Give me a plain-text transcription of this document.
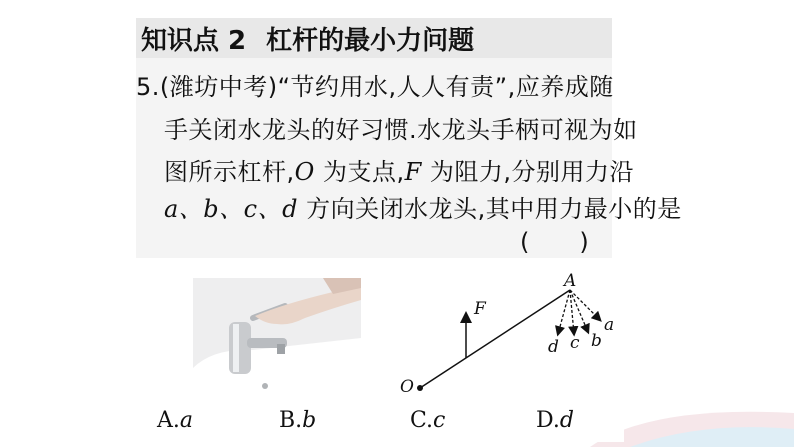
知识点 2 杠杆的最小力问题
5.(潍坊中考)“节约用水,人人有责”,应养成随
手关闭水龙头的好习惯.水龙头手柄可视为如
图所示杠杆,O 为支点,F 为阻力,分别用力沿
a、b、c、d 方向关闭水龙头,其中用力最小的是
( )
A
O
F
a
b
c
d
A.a	B.b	C.c	D.d
